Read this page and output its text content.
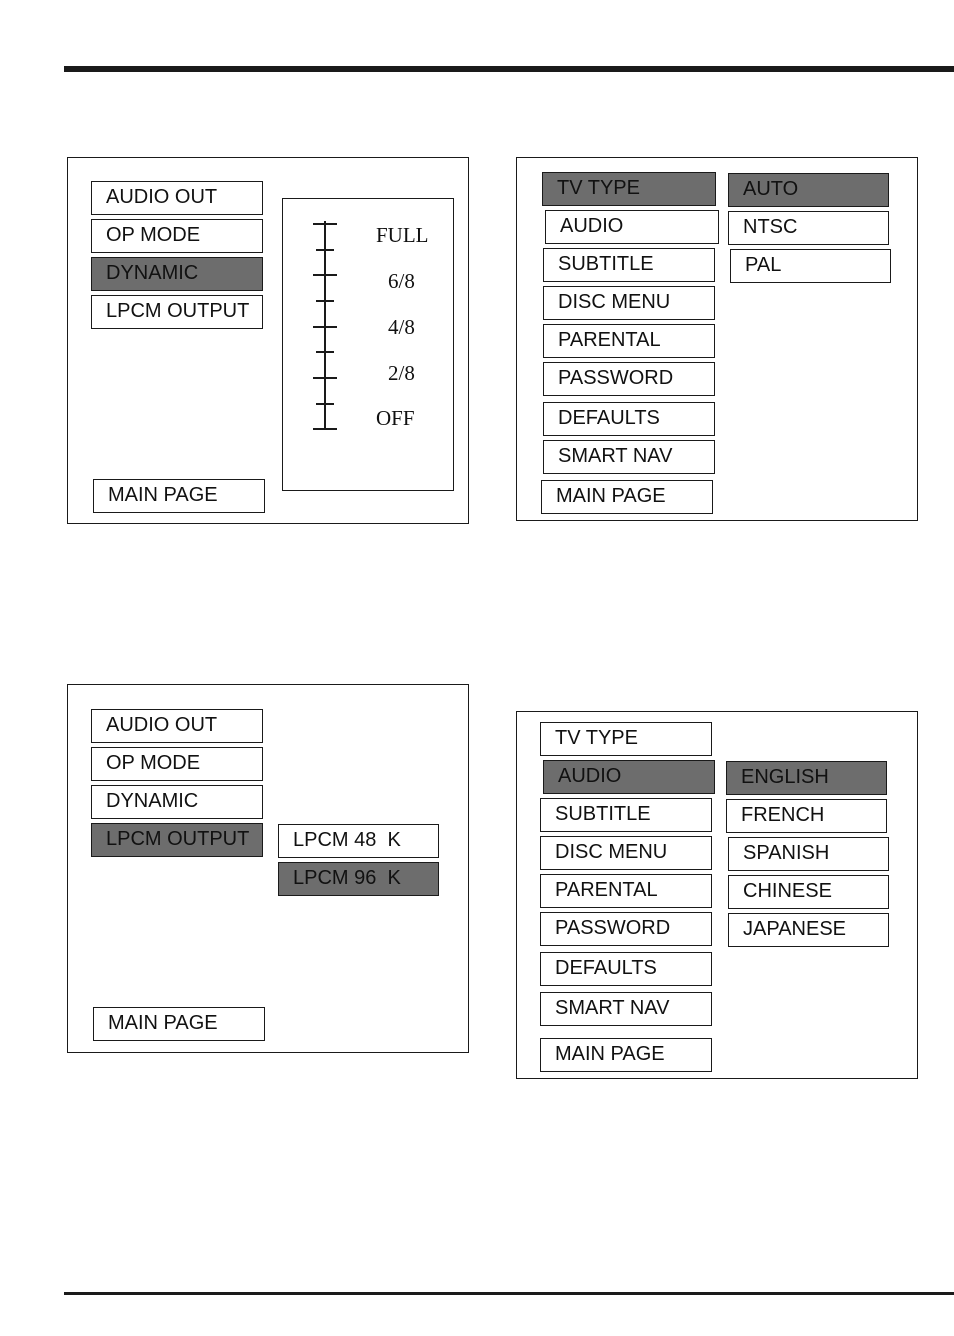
AUDIO OUT
OP MODE
DYNAMIC
LPCM OUTPUT
MAIN PAGE
FULL
6/8
4/8
2/8
OFF
TV TYPE
AUDIO
SUBTITLE
DISC MENU
PARENTAL
PASSWORD
DEFAULTS
SMART NAV
MAIN PAGE
AUTO
NTSC
PAL
AUDIO OUT
OP MODE
DYNAMIC
LPCM OUTPUT
MAIN PAGE
LPCM 48  K
LPCM 96  K
TV TYPE
AUDIO
SUBTITLE
DISC MENU
PARENTAL
PASSWORD
DEFAULTS
SMART NAV
MAIN PAGE
ENGLISH
FRENCH
SPANISH
CHINESE
JAPANESE
